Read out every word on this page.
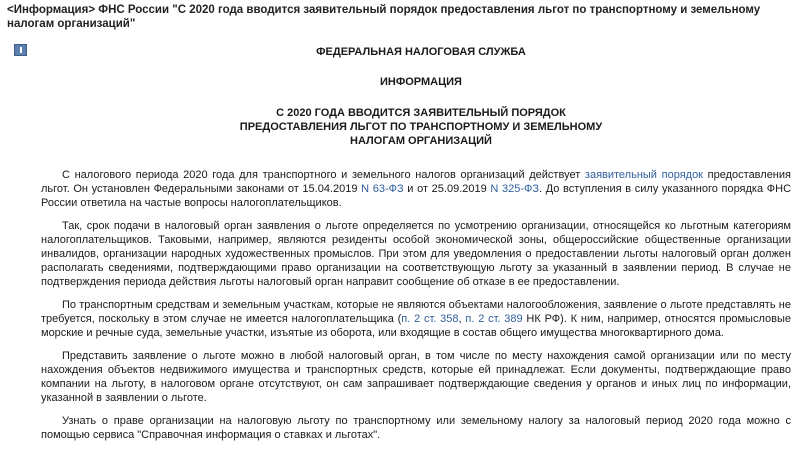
<Информация> ФНС России "С 2020 года вводится заявительный порядок предоставления льгот по транспортному и земельному налогам организаций"
ФЕДЕРАЛЬНАЯ НАЛОГОВАЯ СЛУЖБА
ИНФОРМАЦИЯ
С 2020 ГОДА ВВОДИТСЯ ЗАЯВИТЕЛЬНЫЙ ПОРЯДОК
ПРЕДОСТАВЛЕНИЯ ЛЬГОТ ПО ТРАНСПОРТНОМУ И ЗЕМЕЛЬНОМУ
НАЛОГАМ ОРГАНИЗАЦИЙ

С налогового периода 2020 года для транспортного и земельного налогов организаций действует заявительный порядок предоставления льгот. Он установлен Федеральными законами от 15.04.2019 N 63-ФЗ и от 25.09.2019 N 325-ФЗ. До вступления в силу указанного порядка ФНС России ответила на частые вопросы налогоплательщиков.

Так, срок подачи в налоговый орган заявления о льготе определяется по усмотрению организации, относящейся ко льготным категориям налогоплательщиков. Таковыми, например, являются резиденты особой экономической зоны, общероссийские общественные организации инвалидов, организации народных художественных промыслов. При этом для уведомления о предоставлении льготы налоговый орган должен располагать сведениями, подтверждающими право организации на соответствующую льготу за указанный в заявлении период. В случае не подтверждения периода действия льготы налоговый орган направит сообщение об отказе в ее предоставлении.

По транспортным средствам и земельным участкам, которые не являются объектами налогообложения, заявление о льготе представлять не требуется, поскольку в этом случае не имеется налогоплательщика (п. 2 ст. 358, п. 2 ст. 389 НК РФ). К ним, например, относятся промысловые морские и речные суда, земельные участки, изъятые из оборота, или входящие в состав общего имущества многоквартирного дома.

Представить заявление о льготе можно в любой налоговый орган, в том числе по месту нахождения самой организации или по месту нахождения объектов недвижимого имущества и транспортных средств, которые ей принадлежат. Если документы, подтверждающие право компании на льготу, в налоговом органе отсутствуют, он сам запрашивает подтверждающие сведения у органов и иных лиц по информации, указанной в заявлении о льготе.

Узнать о праве организации на налоговую льготу по транспортному или земельному налогу за налоговый период 2020 года можно с помощью сервиса "Справочная информация о ставках и льготах".
